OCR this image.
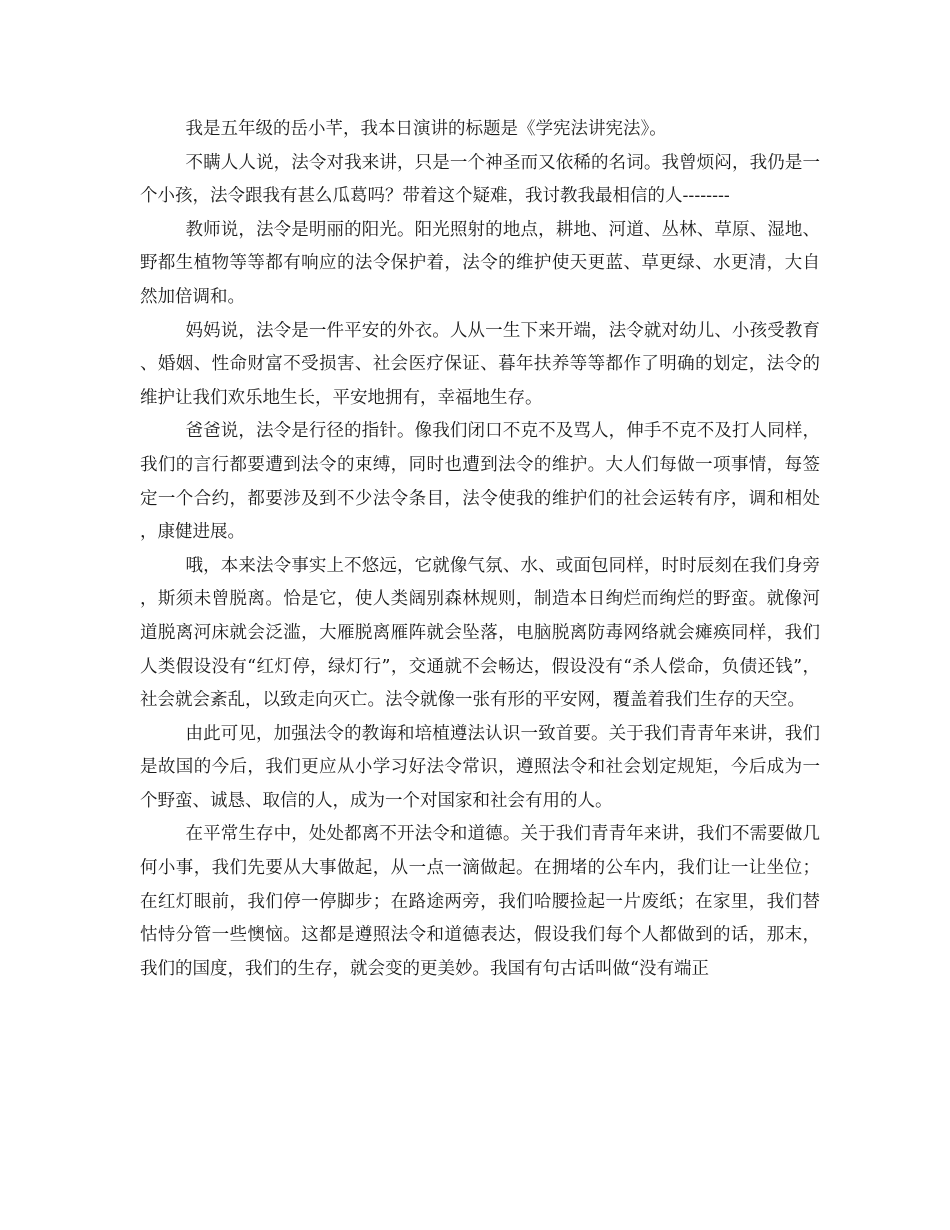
我是五年级的岳小芊，我本日演讲的标题是《学宪法讲宪法》。

不瞒人人说，法令对我来讲，只是一个神圣而又依稀的名词。我曾烦闷，我仍是一个小孩，法令跟我有甚么瓜葛吗？带着这个疑难，我讨教我最相信的人--------

教师说，法令是明丽的阳光。阳光照射的地点，耕地、河道、丛林、草原、湿地、野都生植物等等都有响应的法令保护着，法令的维护使天更蓝、草更绿、水更清，大自然加倍调和。

妈妈说，法令是一件平安的外衣。人从一生下来开端，法令就对幼儿、小孩受教育、婚姻、性命财富不受损害、社会医疗保证、暮年扶养等等都作了明确的划定，法令的维护让我们欢乐地生长，平安地拥有，幸福地生存。

爸爸说，法令是行径的指针。像我们闭口不克不及骂人，伸手不克不及打人同样，我们的言行都要遭到法令的束缚，同时也遭到法令的维护。大人们每做一项事情，每签定一个合约，都要涉及到不少法令条目，法令使我的维护们的社会运转有序，调和相处，康健进展。

哦，本来法令事实上不悠远，它就像气氛、水、或面包同样，时时辰刻在我们身旁，斯须未曾脱离。恰是它，使人类阔别森林规则，制造本日绚烂而绚烂的野蛮。就像河道脱离河床就会泛滥，大雁脱离雁阵就会坠落，电脑脱离防毒网络就会瘫痪同样，我们人类假设没有“红灯停，绿灯行”，交通就不会畅达，假设没有“杀人偿命，负债还钱”，社会就会紊乱，以致走向灭亡。法令就像一张有形的平安网，覆盖着我们生存的天空。

由此可见，加强法令的教诲和培植遵法认识一致首要。关于我们青青年来讲，我们是故国的今后，我们更应从小学习好法令常识，遵照法令和社会划定规矩，今后成为一个野蛮、诚恳、取信的人，成为一个对国家和社会有用的人。

在平常生存中，处处都离不开法令和道德。关于我们青青年来讲，我们不需要做几何小事，我们先要从大事做起，从一点一滴做起。在拥堵的公车内，我们让一让坐位；在红灯眼前，我们停一停脚步；在路途两旁，我们哈腰捡起一片废纸；在家里，我们替怙恃分管一些懊恼。这都是遵照法令和道德表达，假设我们每个人都做到的话，那末，我们的国度，我们的生存，就会变的更美妙。我国有句古话叫做“没有端正
